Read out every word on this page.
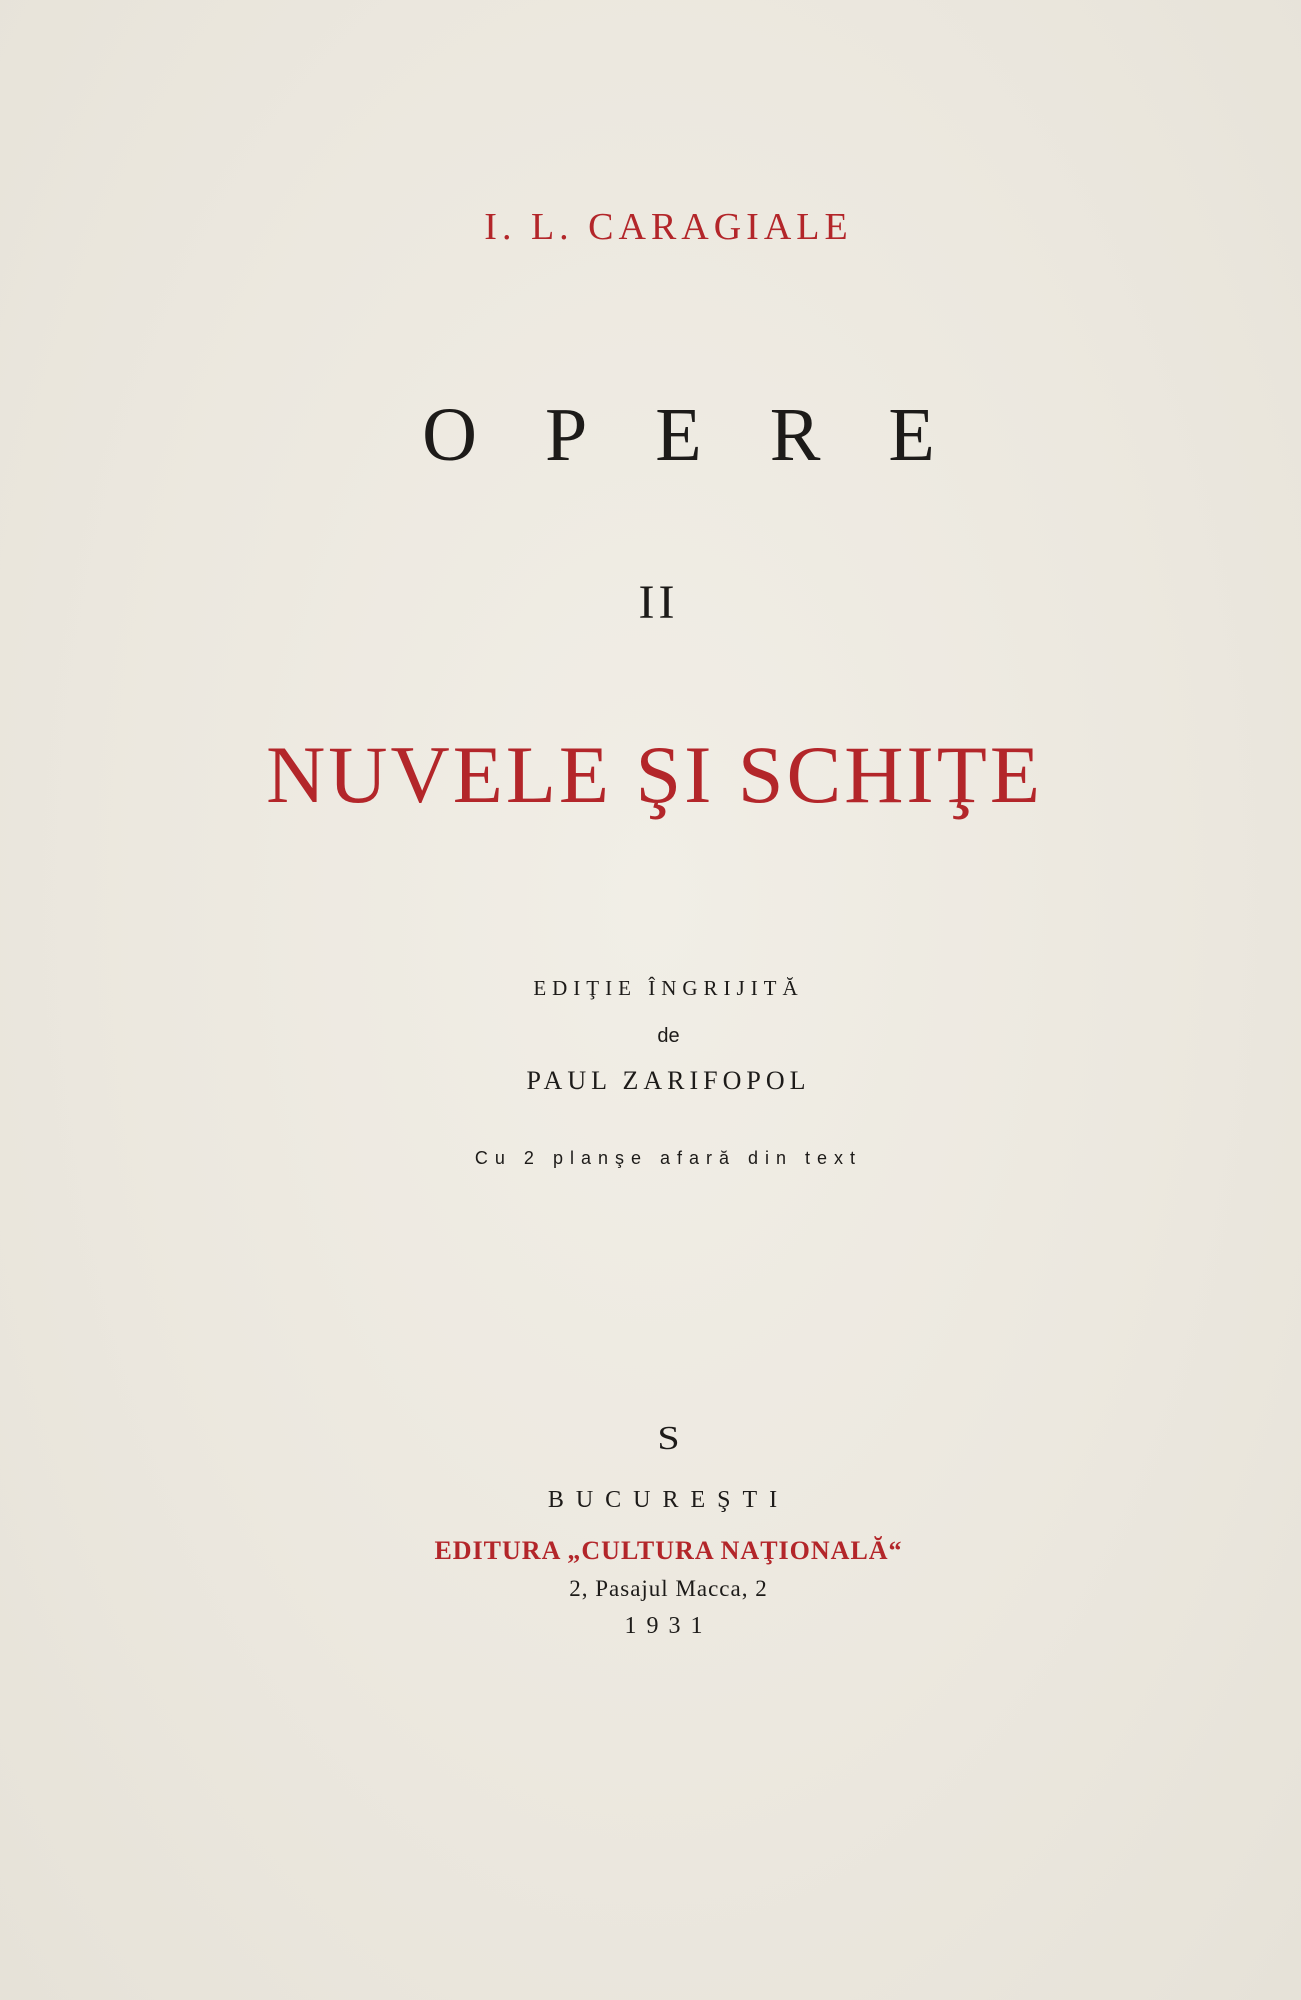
I. L. CARAGIALE

OPERE

II

NUVELE ŞI SCHIŢE

EDIŢIE ÎNGRIJITĂ

de

PAUL ZARIFOPOL

Cu 2 planşe afară din text

S

BUCUREŞTI

EDITURA „CULTURA NAŢIONALĂ“

2, Pasajul Macca, 2

1931
